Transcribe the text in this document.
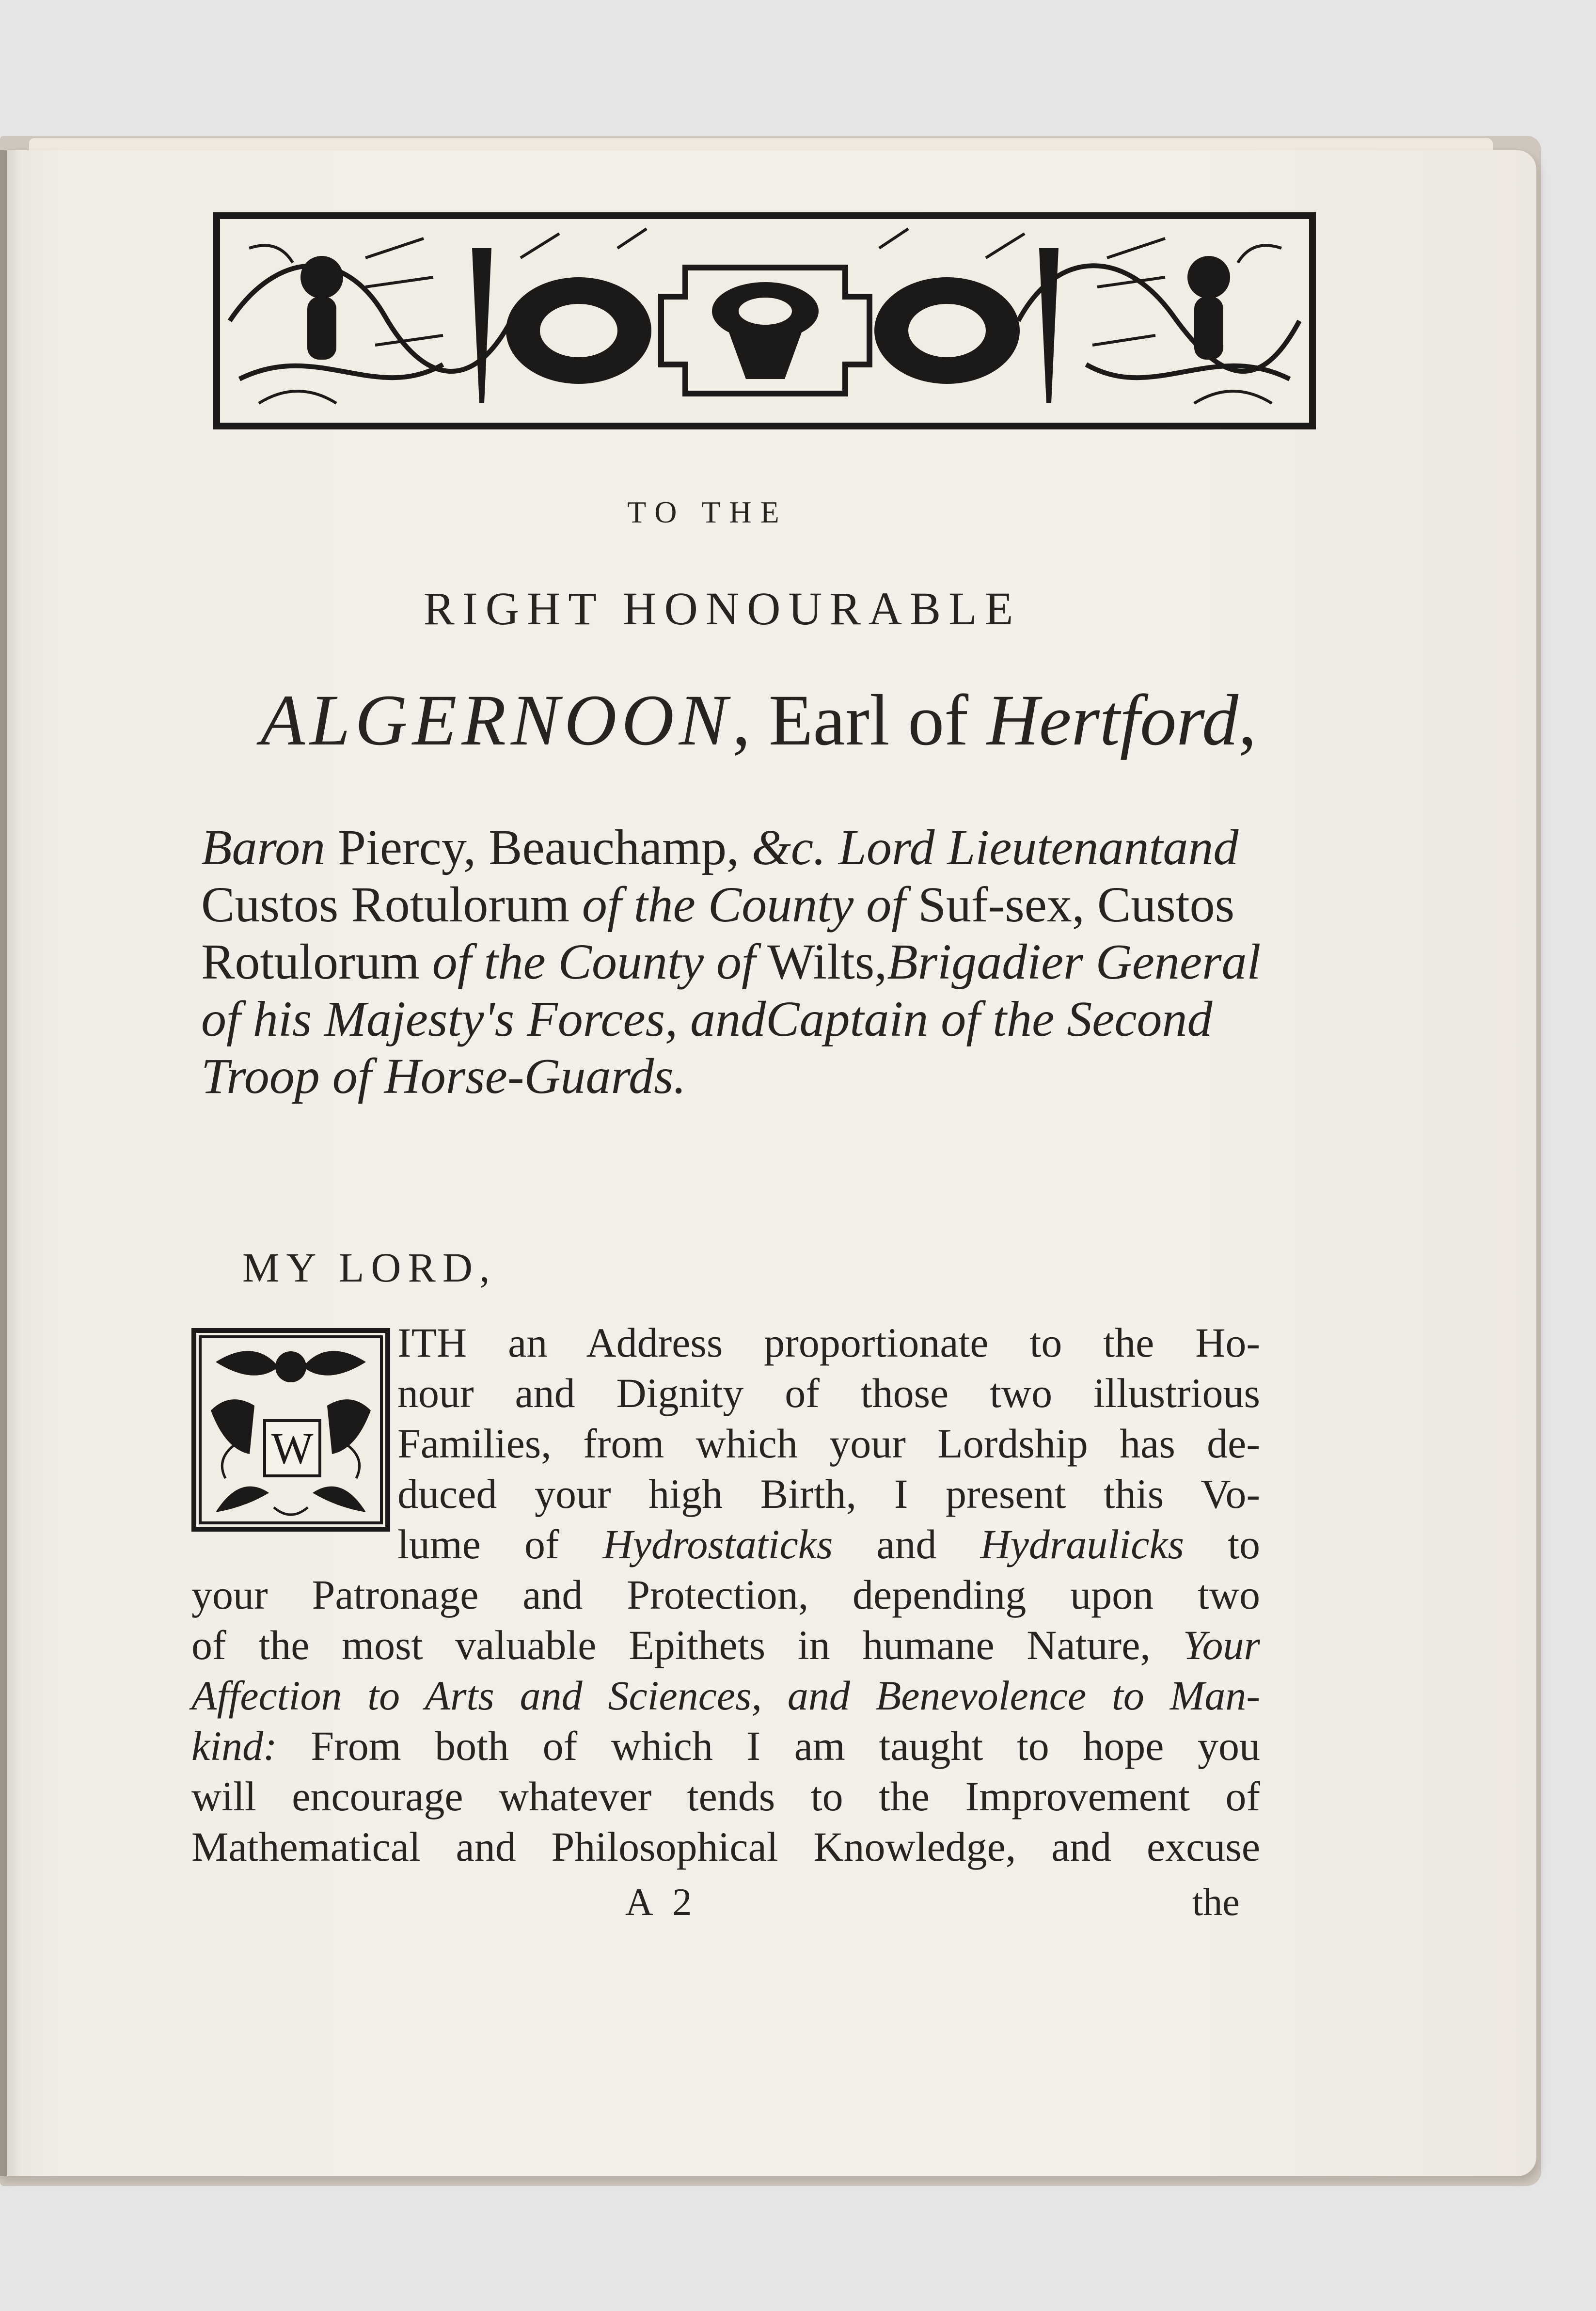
TO THE
RIGHT HONOURABLE
ALGERNOON, Earl of Hertford,
Baron Piercy, Beauchamp, &c. Lord Lieutenantand Custos Rotulorum of the County of Suf-sex, Custos Rotulorum of the County of Wilts,Brigadier General of his Majesty's Forces, andCaptain of the Second Troop of Horse-Guards.
MY LORD,
W
ITH an Address proportionate to the Ho-
nour and Dignity of those two illustrious
Families, from which your Lordship has de-
duced your high Birth, I present this Vo-
lume of Hydrostaticks and Hydraulicks to
your Patronage and Protection, depending upon two
of the most valuable Epithets in humane Nature, Your
Affection to Arts and Sciences, and Benevolence to Man-
kind: From both of which I am taught to hope you
will encourage whatever tends to the Improvement of
Mathematical and Philosophical Knowledge, and excuse
A 2	the
